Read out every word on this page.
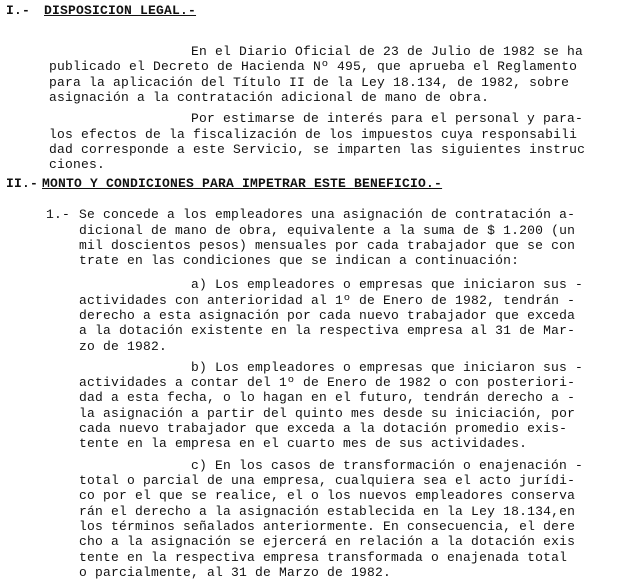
I.- DISPOSICION LEGAL.-
En el Diario Oficial de 23 de Julio de 1982 se ha
publicado el Decreto de Hacienda Nº 495, que aprueba el Reglamento
para la aplicación del Título II de la Ley 18.134, de 1982, sobre
asignación a la contratación adicional de mano de obra.
Por estimarse de interés para el personal y para-
los efectos de la fiscalización de los impuestos cuya responsabili
dad corresponde a este Servicio, se imparten las siguientes instruc
ciones.
II.- MONTO Y CONDICIONES PARA IMPETRAR ESTE BENEFICIO.-
1.- Se concede a los empleadores una asignación de contratación a-
dicional de mano de obra, equivalente a la suma de $ 1.200 (un
mil doscientos pesos) mensuales por cada trabajador que se con
trate en las condiciones que se indican a continuación:
a) Los empleadores o empresas que iniciaron sus -
actividades con anterioridad al 1º de Enero de 1982, tendrán -
derecho a esta asignación por cada nuevo trabajador que exceda
a la dotación existente en la respectiva empresa al 31 de Mar-
zo de 1982.
b) Los empleadores o empresas que iniciaron sus -
actividades a contar del 1º de Enero de 1982 o con posteriori-
dad a esta fecha, o lo hagan en el futuro, tendrán derecho a -
la asignación a partir del quinto mes desde su iniciación, por
cada nuevo trabajador que exceda a la dotación promedio exis-
tente en la empresa en el cuarto mes de sus actividades.
c) En los casos de transformación o enajenación -
total o parcial de una empresa, cualquiera sea el acto jurídi-
co por el que se realice, el o los nuevos empleadores conserva
rán el derecho a la asignación establecida en la Ley 18.134,en
los términos señalados anteriormente. En consecuencia, el dere
cho a la asignación se ejercerá en relación a la dotación exis
tente en la respectiva empresa transformada o enajenada total
o parcialmente, al 31 de Marzo de 1982.
